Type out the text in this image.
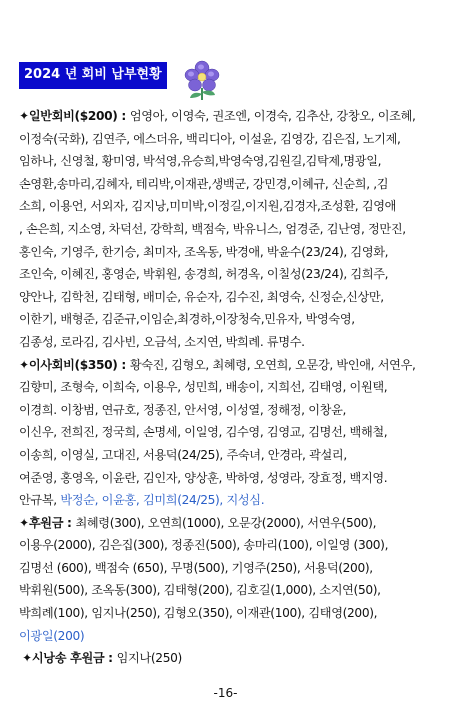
2024 년 회비 납부현황
✦일반회비($200) : 엄영아, 이영숙, 권조엔, 이경숙, 김추산, 강창오, 이조혜,
이정숙(국화), 김연주, 에스더유, 백리디아, 이설윤, 김영강, 김은집, 노기제,
임하나, 신영철, 황미영, 박석영,유승희,박영숙영,김원길,김탁제,명광일,
손영환,송마리,김혜자, 테리박,이재관,생백군, 강민경,이혜규, 신순희, ,김
소희, 이용언, 서외자, 김지낭,미미박,이정길,이지원,김경자,조성환, 김영애
, 손은희, 지소영, 차덕선, 강학희, 백점숙, 박유니스, 엄경준, 김난영, 정만진,
홍인숙, 기영주, 한기승, 최미자, 조옥동, 박경애, 박윤수(23/24), 김영화,
조인숙, 이혜진, 홍영순, 박휘원, 송경희, 허경옥, 이칠성(23/24), 김희주,
양안나, 김학천, 김태형, 배미순, 유순자, 김수진, 최영숙, 신정순,신상만,
이한기, 배형준, 김준규,이임순,최경하,이장청숙,민유자, 박영숙영,
김종성, 로라김, 김사빈, 오금석, 소지연, 박희례. 류명수.
✦이사회비($350) : 황숙진, 김형오, 최혜령, 오연희, 오문강, 박인애, 서연우,
김향미, 조형숙, 이희숙, 이용우, 성민희, 배송이, 지희선, 김태영, 이원택,
이경희. 이창범, 연규호, 정종진, 안서영, 이성열, 정해정, 이창윤,
이신우, 전희진, 정국희, 손명세, 이일영, 김수영, 김영교, 김명선, 백해철,
이송희, 이영실, 고대진, 서용덕(24/25), 주숙녀, 안경라, 곽설리,
여준영, 홍영옥, 이윤란, 김인자, 양상훈, 박하영, 성영라, 장효정, 백지영.
안규복, 박정순, 이윤홍, 김미희(24/25), 지성심.
✦후원금 : 최혜령(300), 오연희(1000), 오문강(2000), 서연우(500),
이용우(2000), 김은집(300), 정종진(500), 송마리(100), 이일영 (300),
김명선 (600), 백점숙 (650), 무명(500), 기영주(250), 서용덕(200),
박휘원(500), 조옥동(300), 김태형(200), 김호길(1,000), 소지연(50),
박희례(100), 임지나(250), 김형오(350), 이재관(100), 김태영(200),
이광일(200)
✦시낭송 후원금 : 임지나(250)
-16-
